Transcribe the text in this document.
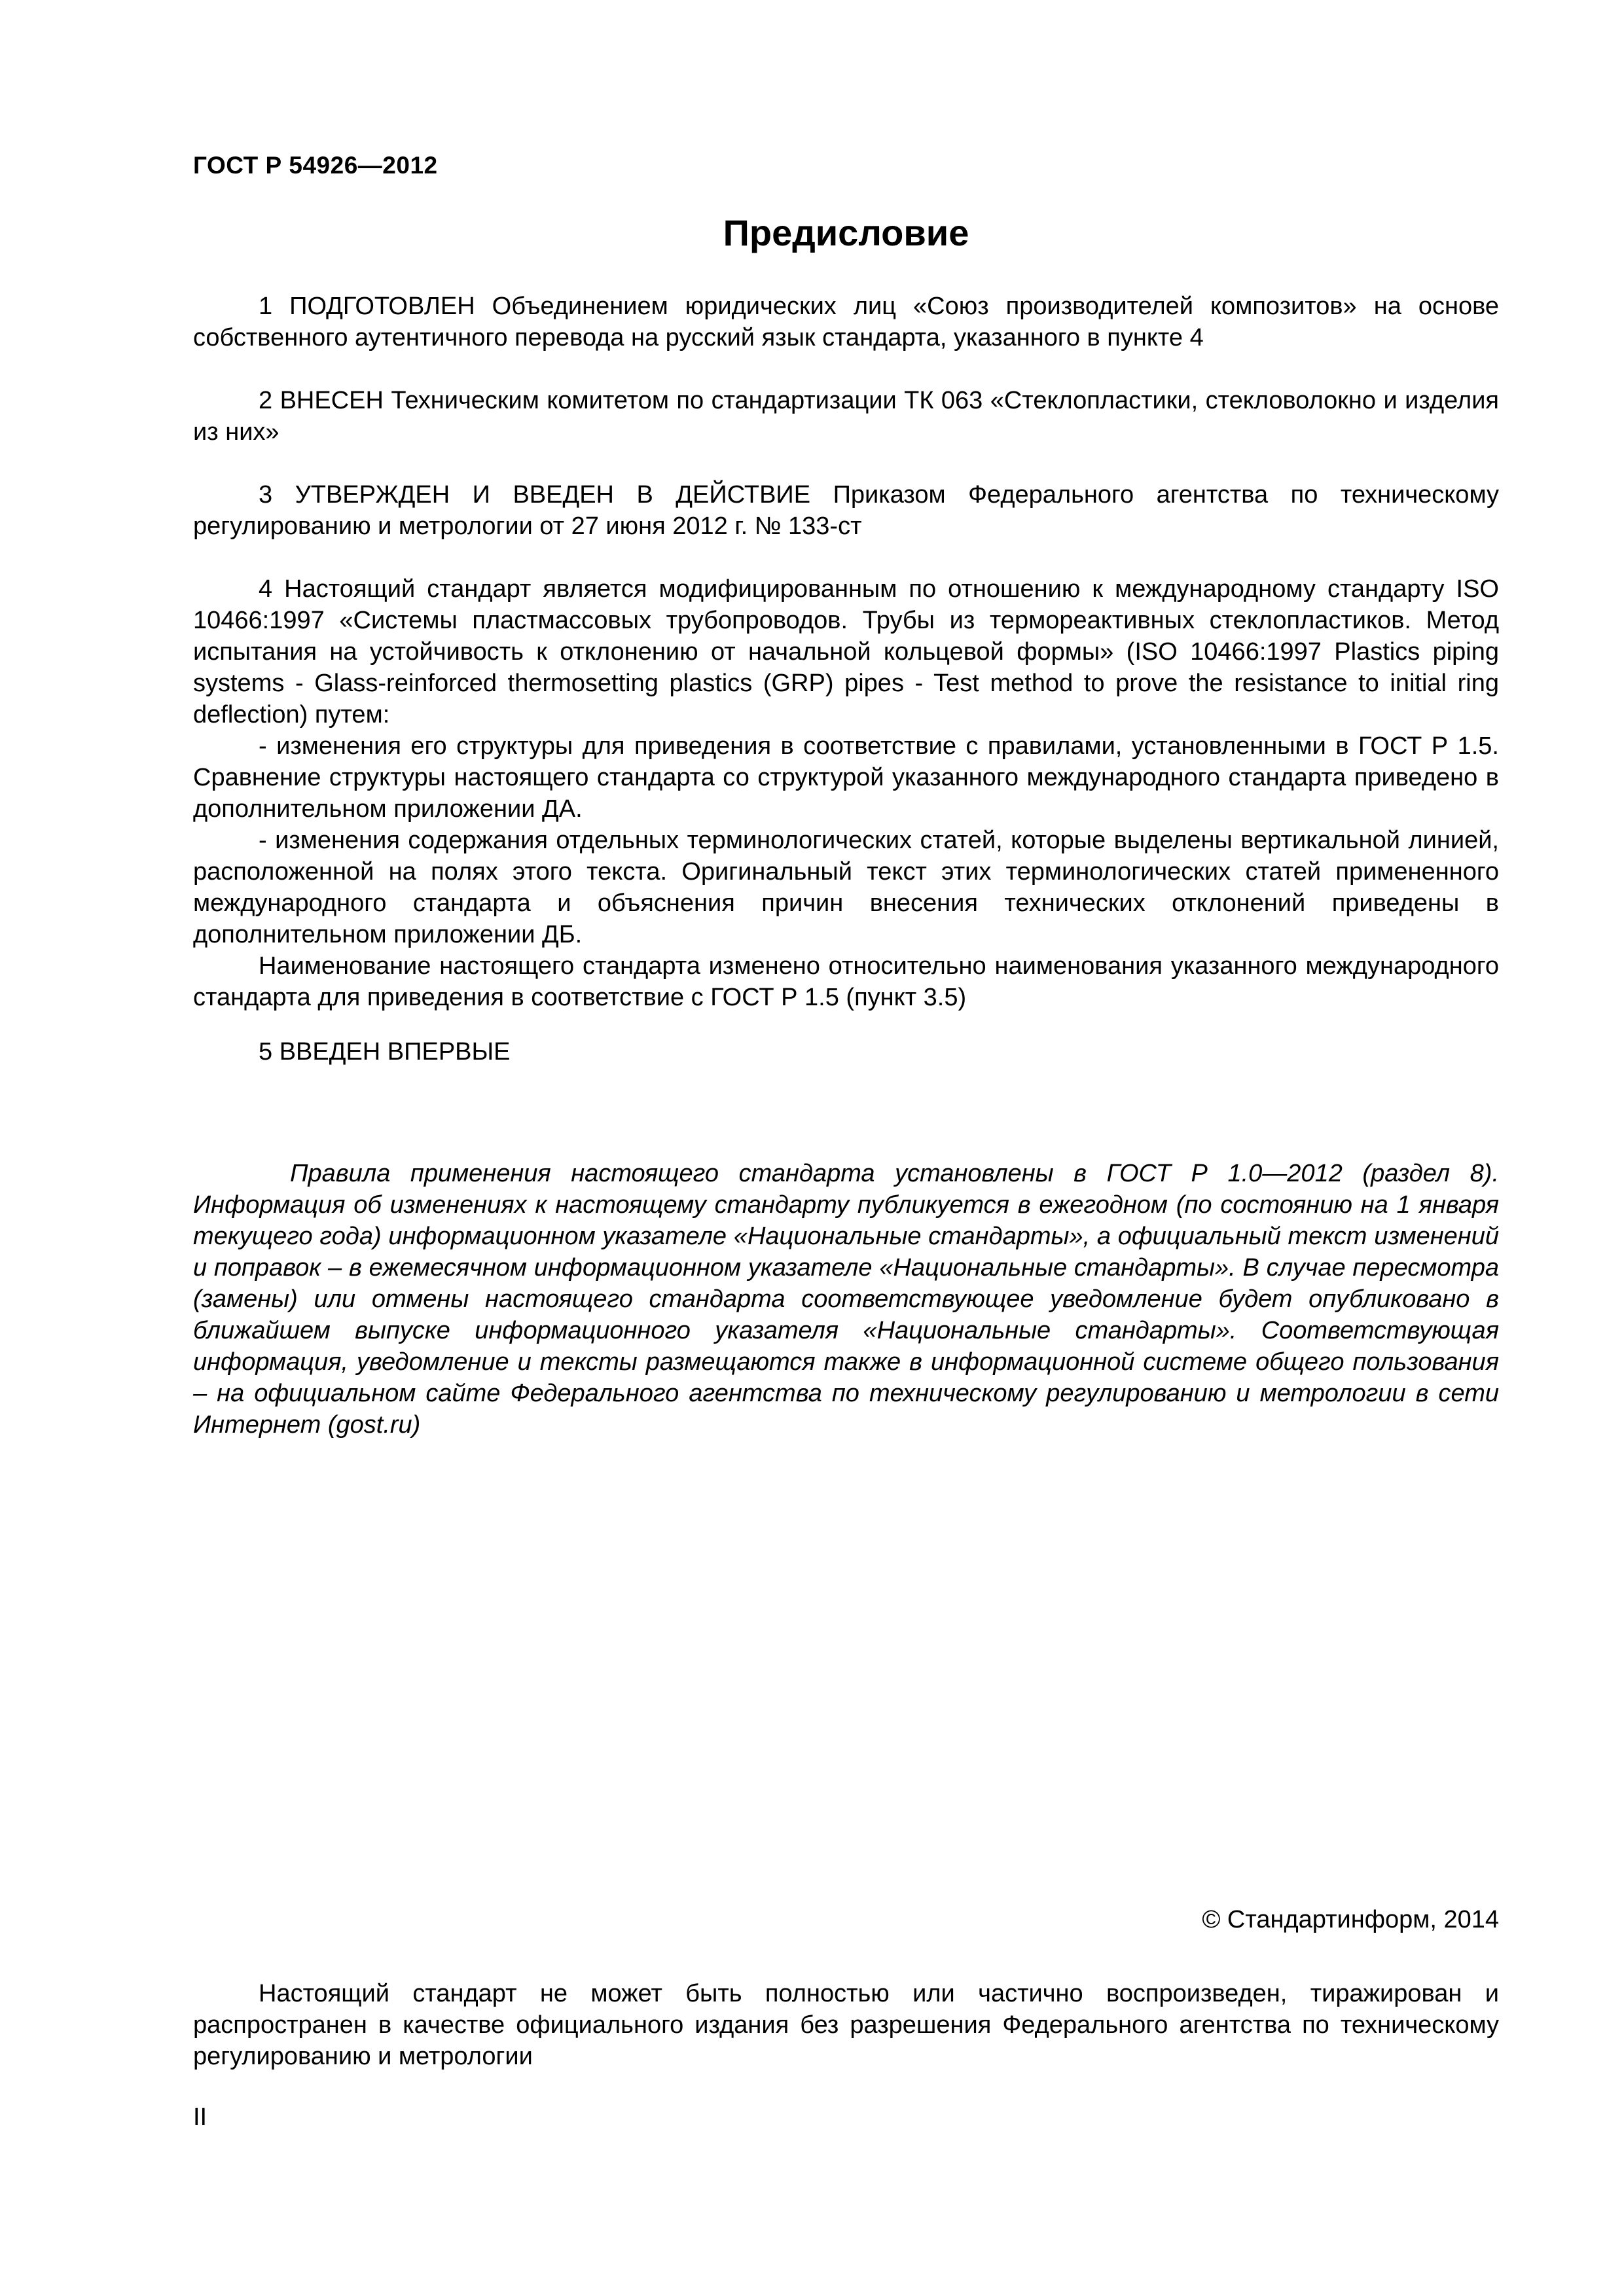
ГОСТ Р 54926—2012
Предисловие

1 ПОДГОТОВЛЕН Объединением юридических лиц «Союз производителей композитов» на основе собственного аутентичного перевода на русский язык стандарта, указанного в пункте 4

2 ВНЕСЕН Техническим комитетом по стандартизации ТК 063 «Стеклопластики, стекловолокно и изделия из них»

3 УТВЕРЖДЕН И ВВЕДЕН В ДЕЙСТВИЕ Приказом Федерального агентства по техническому регулированию и метрологии от 27 июня 2012 г. № 133-ст

4 Настоящий стандарт является модифицированным по отношению к международному стандарту ISO 10466:1997 «Системы пластмассовых трубопроводов. Трубы из термореактивных стеклопластиков. Метод испытания на устойчивость к отклонению от начальной кольцевой формы» (ISO 10466:1997 Plastics piping systems - Glass-reinforced thermosetting plastics (GRP) pipes - Test method to prove the resistance to initial ring deflection) путем:

- изменения его структуры для приведения в соответствие с правилами, установленными в ГОСТ Р 1.5. Сравнение структуры настоящего стандарта со структурой указанного международного стандарта приведено в дополнительном приложении ДА.

- изменения содержания отдельных терминологических статей, которые выделены вертикальной линией, расположенной на полях этого текста. Оригинальный текст этих терминологических статей примененного международного стандарта и объяснения причин внесения технических отклонений приведены в дополнительном приложении ДБ.

Наименование настоящего стандарта изменено относительно наименования указанного международного стандарта для приведения в соответствие с ГОСТ Р 1.5 (пункт 3.5)

5 ВВЕДЕН ВПЕРВЫЕ

Правила применения настоящего стандарта установлены в ГОСТ Р 1.0—2012 (раздел 8). Информация об изменениях к настоящему стандарту публикуется в ежегодном (по состоянию на 1 января текущего года) информационном указателе «Национальные стандарты», а официальный текст изменений и поправок – в ежемесячном информационном указателе «Национальные стандарты». В случае пересмотра (замены) или отмены настоящего стандарта соответствующее уведомление будет опубликовано в ближайшем выпуске информационного указателя «Национальные стандарты». Соответствующая информация, уведомление и тексты размещаются также в информационной системе общего пользования – на официальном сайте Федерального агентства по техническому регулированию и метрологии в сети Интернет (gost.ru)

© Стандартинформ, 2014

Настоящий стандарт не может быть полностью или частично воспроизведен, тиражирован и распространен в качестве официального издания без разрешения Федерального агентства по техническому регулированию и метрологии

II
